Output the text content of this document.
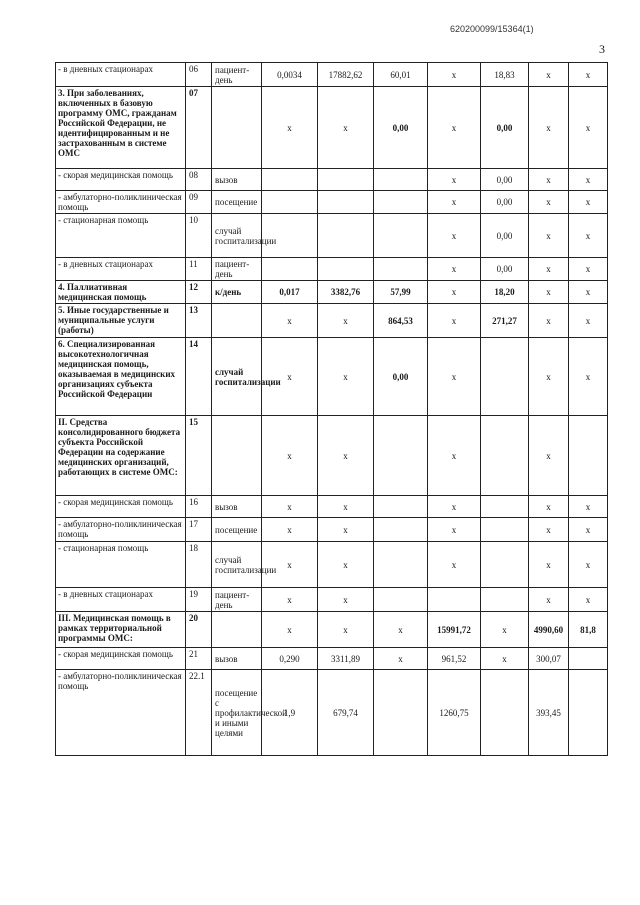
620200099/15364(1)
3
- в дневных стационарах	06	пациент-день	0,0034	17882,62	60,01	х	18,83	х	х
3. При заболеваниях, включенных в базовую программу ОМС, гражданам Российской Федерации, не идентифицированным и не застрахованным в системе ОМС	07		х	х	0,00	х	0,00	х	х
- скорая медицинская помощь	08	вызов				х	0,00	х	х
- амбулаторно-поликлиническая помощь	09	посещение				х	0,00	х	х
- стационарная помощь	10	случай госпитализации				х	0,00	х	х
- в дневных стационарах	11	пациент-день				х	0,00	х	х
4. Паллиативная медицинская помощь	12	к/день	0,017	3382,76	57,99	х	18,20	х	х
5. Иные государственные и муниципальные услуги (работы)	13		х	х	864,53	х	271,27	х	х
6. Специализированная высокотехнологичная медицинская помощь, оказываемая в медицинских организациях субъекта Российской Федерации	14	случай госпитализации	х	х	0,00	х		х	х
II. Средства консолидированного бюджета субъекта Российской Федерации на содержание медицинских организаций, работающих в системе ОМС:	15		х	х		х		х	
- скорая медицинская помощь	16	вызов	х	х		х		х	х
- амбулаторно-поликлиническая помощь	17	посещение	х	х		х		х	х
- стационарная помощь	18	случай госпитализации	х	х		х		х	х
- в дневных стационарах	19	пациент-день	х	х				х	х
III. Медицинская помощь в рамках территориальной программы ОМС:	20		х	х	х	15991,72	х	4990,60	81,8
- скорая медицинская помощь	21	вызов	0,290	3311,89	х	961,52	х	300,07	
- амбулаторно-поликлиническая помощь	22.1	посещение с профилактической и иными целями	1,9	679,74		1260,75		393,45	
